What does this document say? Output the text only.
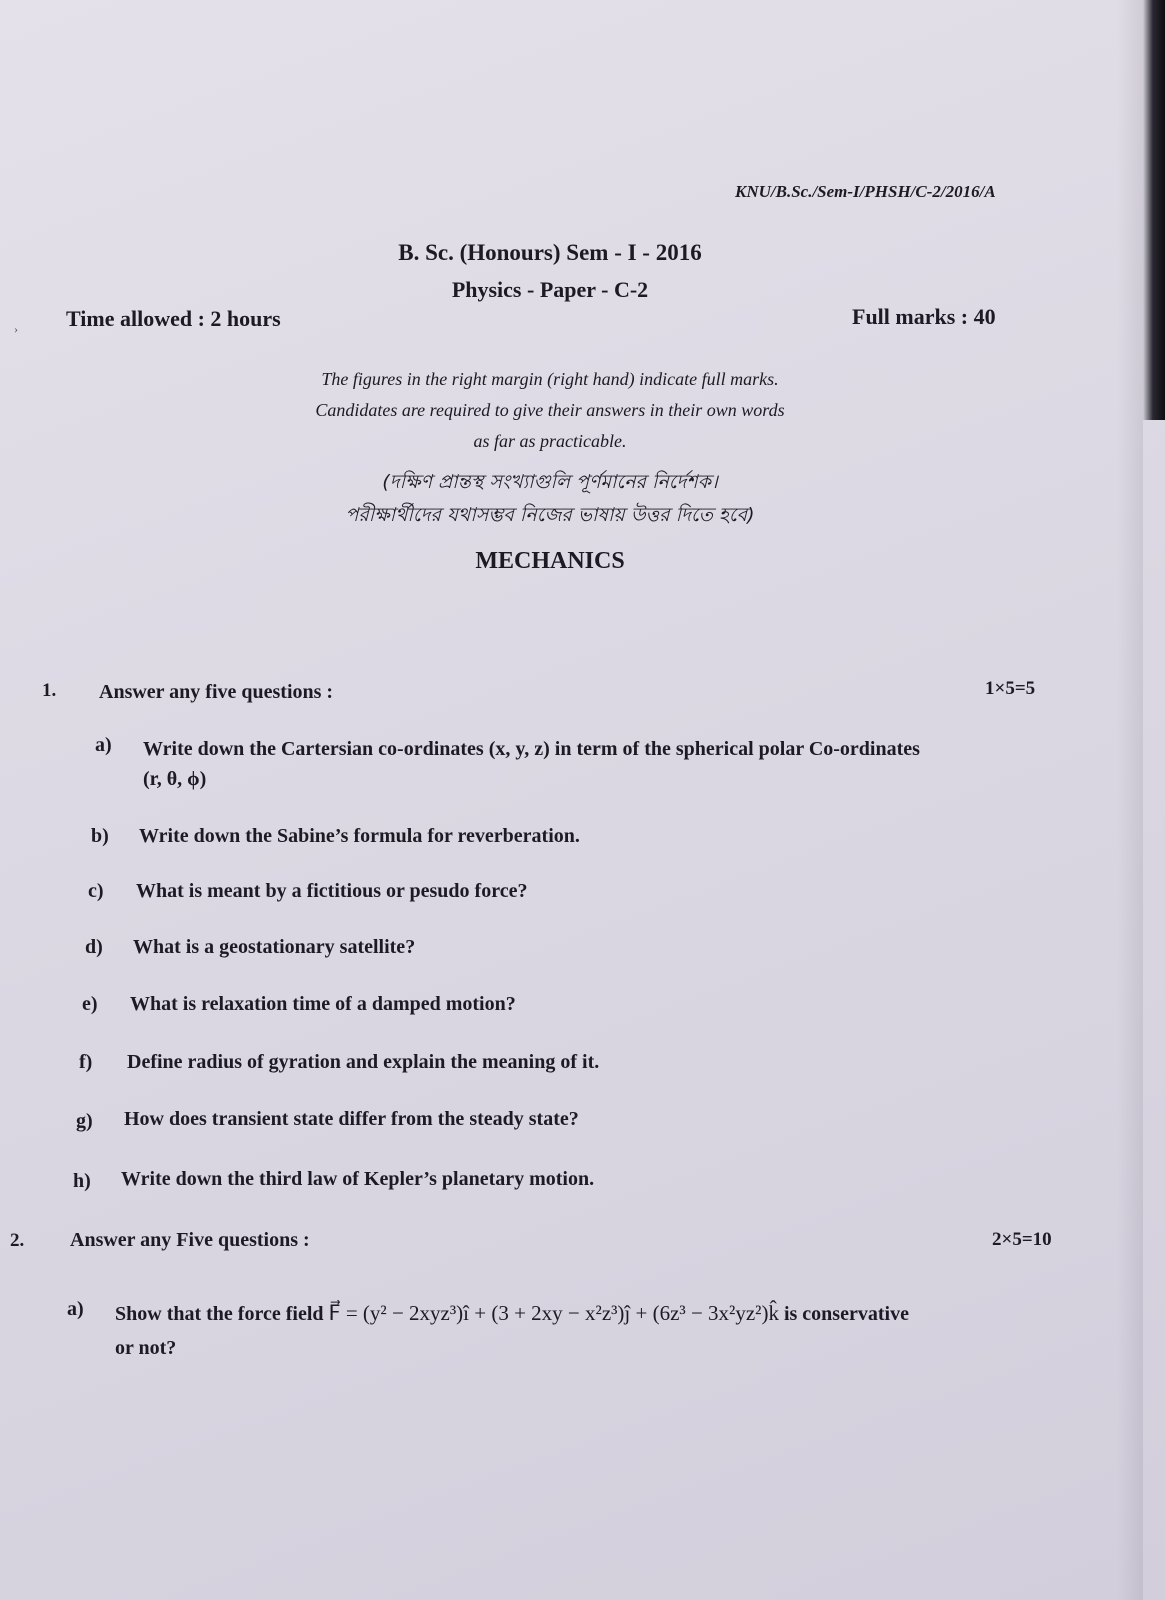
›
KNU/B.Sc./Sem-I/PHSH/C-2/2016/A
B. Sc. (Honours) Sem - I - 2016
Physics - Paper - C-2
Time allowed : 2 hours	Full marks : 40
The figures in the right margin (right hand) indicate full marks.
Candidates are required to give their answers in their own words
as far as practicable.
(দক্ষিণ প্রান্তস্থ সংখ্যাগুলি পূর্ণমানের নির্দেশক।
পরীক্ষার্থীদের যথাসম্ভব নিজের ভাষায় উত্তর দিতে হবে)
MECHANICS
1. Answer any five questions :	1×5=5
a) Write down the Cartersian co-ordinates (x, y, z) in term of the spherical polar Co-ordinates
(r, θ, ϕ)
b) Write down the Sabine’s formula for reverberation.
c) What is meant by a fictitious or pesudo force?
d) What is a geostationary satellite?
e) What is relaxation time of a damped motion?
f) Define radius of gyration and explain the meaning of it.
g) How does transient state differ from the steady state?
h) Write down the third law of Kepler’s planetary motion.
2. Answer any Five questions :	2×5=10
a) Show that the force field F⃗ = (y² − 2xyz³)î + (3 + 2xy − x²z³)ĵ + (6z³ − 3x²yz²)k̂ is conservative
or not?
